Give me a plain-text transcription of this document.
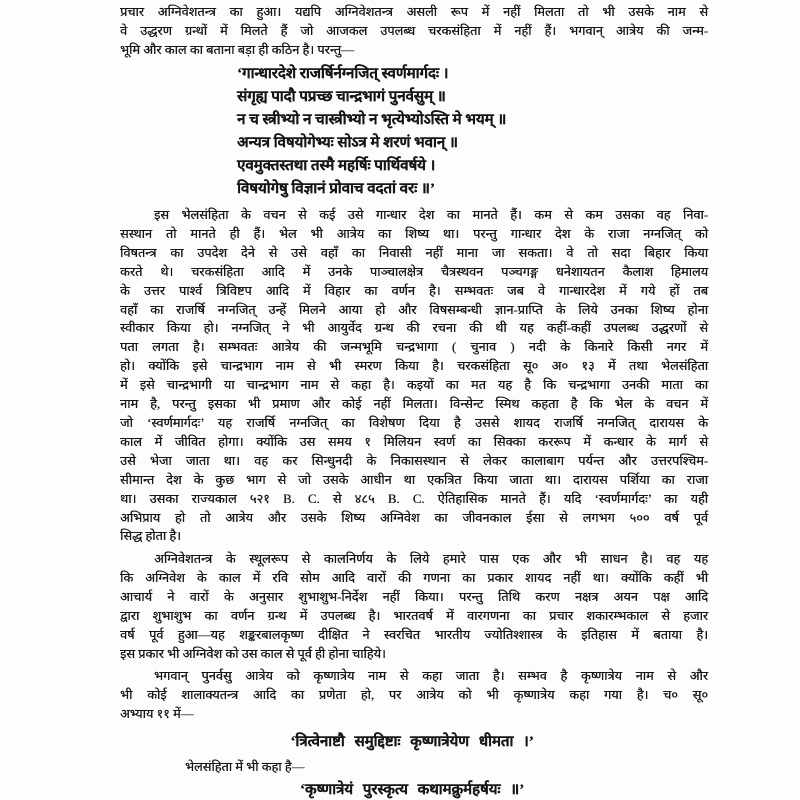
प्रचार अग्निवेशतन्त्र का हुआ। यद्यपि अग्निवेशतन्त्र असली रूप में नहीं मिलता तो भी उसके नाम से
वे उद्धरण ग्रन्थों में मिलते हैं जो आजकल उपलब्ध चरकसंहिता में नहीं हैं। भगवान् आत्रेय की जन्म-
भूमि और काल का बताना बड़ा ही कठिन है। परन्तु—
‘गान्धारदेशे राजर्षिर्नग्नजित् स्वर्णमार्गदः ।
संगृह्य पादौ पप्रच्छ चान्द्रभागं पुनर्वसुम् ॥
न च स्त्रीभ्यो न चास्त्रीभ्यो न भृत्येभ्योऽस्ति मे भयम् ॥
अन्यत्र विषयोगेभ्यः सोऽत्र मे शरणं भवान् ॥
एवमुक्तस्तथा तस्मै महर्षिः पार्थिवर्षये ।
विषयोगेषु विज्ञानं प्रोवाच वदतां वरः ॥’
इस भेलसंहिता के वचन से कई उसे गान्धार देश का मानते हैं। कम से कम उसका वह निवा-
सस्थान तो मानते ही हैं। भेल भी आत्रेय का शिष्य था। परन्तु गान्धार देश के राजा नग्नजित् को
विषतन्त्र का उपदेश देने से उसे वहाँ का निवासी नहीं माना जा सकता। वे तो सदा बिहार किया
करते थे। चरकसंहिता आदि में उनके पाञ्चालक्षेत्र चैत्रस्थवन पञ्चगङ्ग धनेशायतन कैलाश हिमालय
के उत्तर पार्श्व त्रिविष्टप आदि में विहार का वर्णन है। सम्भवतः जब वे गान्धारदेश में गये हों तब
वहाँ का राजर्षि नग्नजित् उन्हें मिलने आया हो और विषसम्बन्धी ज्ञान-प्राप्ति के लिये उनका शिष्य होना
स्वीकार किया हो। नग्नजित् ने भी आयुर्वेद ग्रन्थ की रचना की थी यह कहीं-कहीं उपलब्ध उद्धरणों से
पता लगता है। सम्भवतः आत्रेय की जन्मभूमि चन्द्रभागा ( चुनाव ) नदी के किनारे किसी नगर में
हो। क्योंकि इसे चान्द्रभाग नाम से भी स्मरण किया है। चरकसंहिता सू० अ० १३ में तथा भेलसंहिता
में इसे चान्द्रभागी या चान्द्रभाग नाम से कहा है। कइयों का मत यह है कि चन्द्रभागा उनकी माता का
नाम है, परन्तु इसका भी प्रमाण और कोई नहीं मिलता। विन्सेन्ट स्मिथ कहता है कि भेल के वचन में
जो ‘स्वर्णमार्गदः’ यह राजर्षि नग्नजित् का विशेषण दिया है उससे शायद राजर्षि नग्नजित् दारायस के
काल में जीवित होगा। क्योंकि उस समय १ मिलियन स्वर्ण का सिक्का कररूप में कन्धार के मार्ग से
उसे भेजा जाता था। वह कर सिन्धुनदी के निकासस्थान से लेकर कालाबाग पर्यन्त और उत्तरपश्चिम-
सीमान्त देश के कुछ भाग से जो उसके आधीन था एकत्रित किया जाता था। दारायस पर्शिया का राजा
था। उसका राज्यकाल ५२१ B. C. से ४८५ B. C. ऐतिहासिक मानते हैं। यदि ‘स्वर्णमार्गदः’ का यही
अभिप्राय हो तो आत्रेय और उसके शिष्य अग्निवेश का जीवनकाल ईसा से लगभग ५०० वर्ष पूर्व
सिद्ध होता है।
अग्निवेशतन्त्र के स्थूलरूप से कालनिर्णय के लिये हमारे पास एक और भी साधन है। वह यह
कि अग्निवेश के काल में रवि सोम आदि वारों की गणना का प्रकार शायद नहीं था। क्योंकि कहीं भी
आचार्य ने वारों के अनुसार शुभाशुभ-निर्देश नहीं किया। परन्तु तिथि करण नक्षत्र अयन पक्ष आदि
द्वारा शुभाशुभ का वर्णन ग्रन्थ में उपलब्ध है। भारतवर्ष में वारगणना का प्रचार शकारम्भकाल से हजार
वर्ष पूर्व हुआ—यह शङ्करबालकृष्ण दीक्षित ने स्वरचित भारतीय ज्योतिश्शास्त्र के इतिहास में बताया है।
इस प्रकार भी अग्निवेश को उस काल से पूर्व ही होना चाहिये।
भगवान् पुनर्वसु आत्रेय को कृष्णात्रेय नाम से कहा जाता है। सम्भव है कृष्णात्रेय नाम से और
भी कोई शालाक्यतन्त्र आदि का प्रणेता हो, पर आत्रेय को भी कृष्णात्रेय कहा गया है। च० सू०
अभ्याय ११ में—
‘त्रित्वेनाष्टौ समुद्दिष्टाः कृष्णात्रेयेण धीमता ।’
भेलसंहिता में भी कहा है—
‘कृष्णात्रेयं पुरस्कृत्य कथामक्रुर्महर्षयः ॥’
